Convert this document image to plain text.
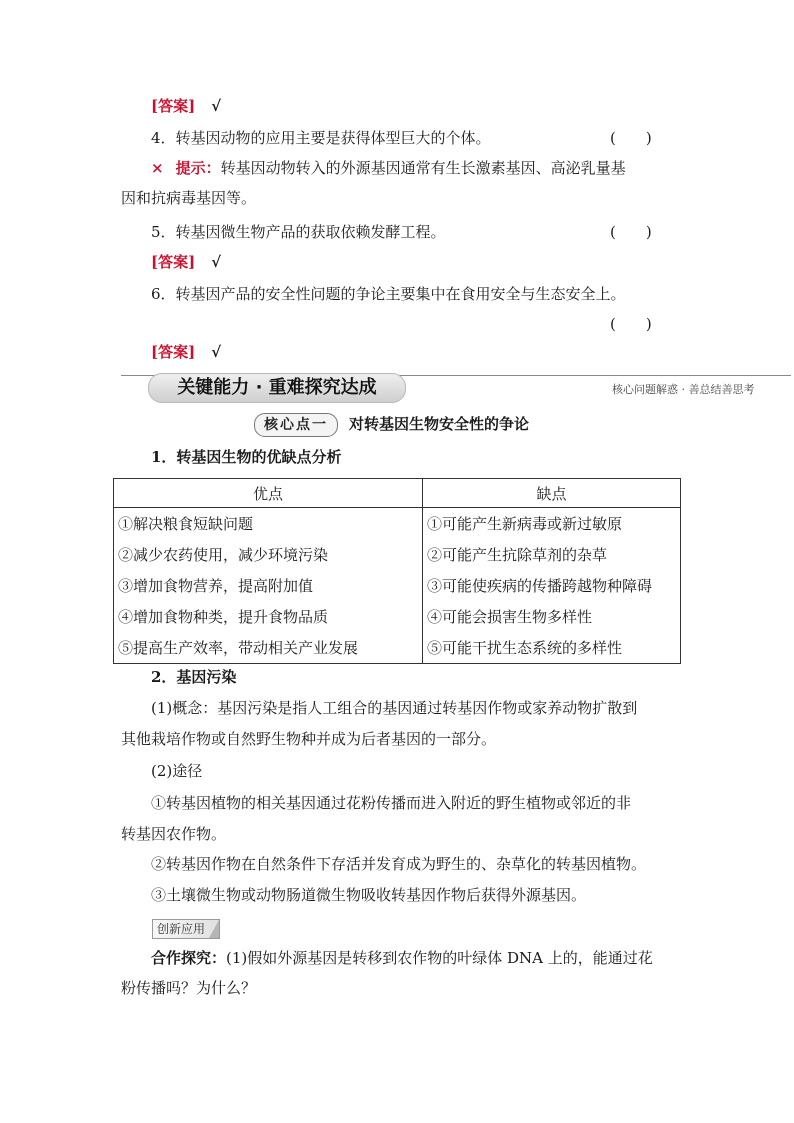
[答案] √
4．转基因动物的应用主要是获得体型巨大的个体。	(　　)
× 提示：转基因动物转入的外源基因通常有生长激素基因、高泌乳量基
因和抗病毒基因等。
5．转基因微生物产品的获取依赖发酵工程。	(　　)
[答案] √
6．转基因产品的安全性问题的争论主要集中在食用安全与生态安全上。
(　　)
[答案] √
关键能力 · 重难探究达成	核心问题解惑 · 善总结善思考
核心点一	对转基因生物安全性的争论
1．转基因生物的优缺点分析
优点	缺点
①解决粮食短缺问题	①可能产生新病毒或新过敏原
②减少农药使用，减少环境污染	②可能产生抗除草剂的杂草
③增加食物营养，提高附加值	③可能使疾病的传播跨越物种障碍
④增加食物种类，提升食物品质	④可能会损害生物多样性
⑤提高生产效率，带动相关产业发展	⑤可能干扰生态系统的多样性
2．基因污染
(1)概念：基因污染是指人工组合的基因通过转基因作物或家养动物扩散到
其他栽培作物或自然野生物种并成为后者基因的一部分。
(2)途径
①转基因植物的相关基因通过花粉传播而进入附近的野生植物或邻近的非
转基因农作物。
②转基因作物在自然条件下存活并发育成为野生的、杂草化的转基因植物。
③土壤微生物或动物肠道微生物吸收转基因作物后获得外源基因。
创新应用
合作探究：(1)假如外源基因是转移到农作物的叶绿体 DNA 上的，能通过花
粉传播吗？为什么？
